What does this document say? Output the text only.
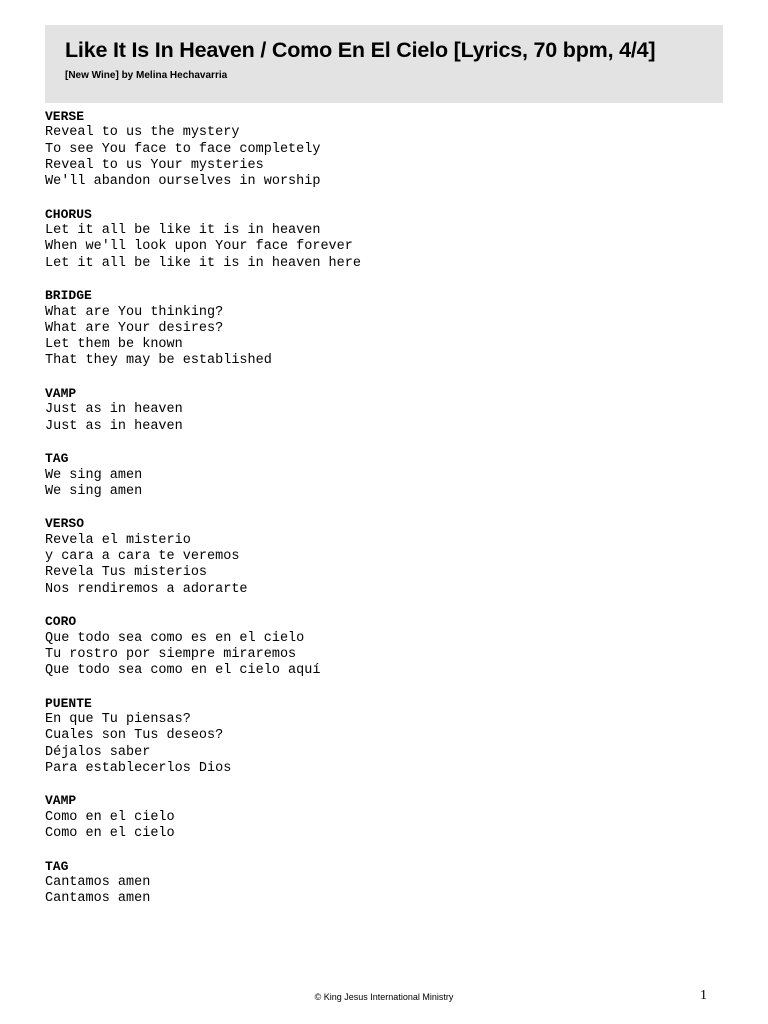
Like It Is In Heaven / Como En El Cielo [Lyrics, 70 bpm, 4/4]
[New Wine] by Melina Hechavarria
VERSE
Reveal to us the mystery
To see You face to face completely
Reveal to us Your mysteries
We'll abandon ourselves in worship
CHORUS
Let it all be like it is in heaven
When we'll look upon Your face forever
Let it all be like it is in heaven here
BRIDGE
What are You thinking?
What are Your desires?
Let them be known
That they may be established
VAMP
Just as in heaven
Just as in heaven
TAG
We sing amen
We sing amen
VERSO
Revela el misterio
y cara a cara te veremos
Revela Tus misterios
Nos rendiremos a adorarte
CORO
Que todo sea como es en el cielo
Tu rostro por siempre miraremos
Que todo sea como en el cielo aquí
PUENTE
En que Tu piensas?
Cuales son Tus deseos?
Déjalos saber
Para establecerlos Dios
VAMP
Como en el cielo
Como en el cielo
TAG
Cantamos amen
Cantamos amen
© King Jesus International Ministry	1
